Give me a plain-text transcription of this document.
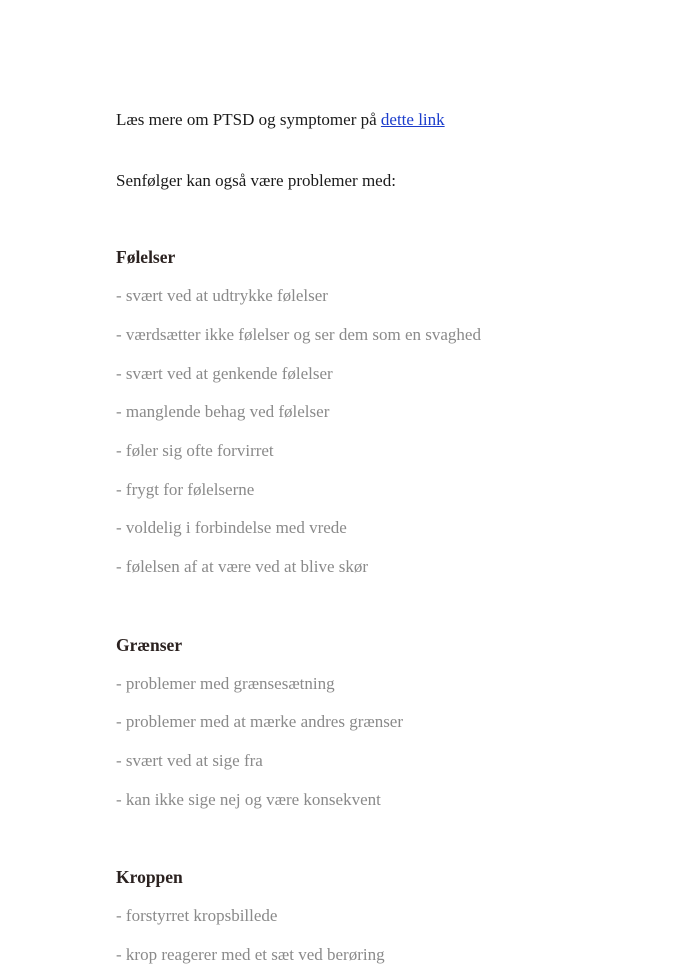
Læs mere om PTSD og symptomer på dette link
Senfølger kan også være problemer med:
Følelser
- svært ved at udtrykke følelser
- værdsætter ikke følelser og ser dem som en svaghed
- svært ved at genkende følelser
- manglende behag ved følelser
- føler sig ofte forvirret
- frygt for følelserne
- voldelig i forbindelse med vrede
- følelsen af at være ved at blive skør
Grænser
- problemer med grænsesætning
- problemer med at mærke andres grænser
- svært ved at sige fra
- kan ikke sige nej og være konsekvent
Kroppen
- forstyrret kropsbillede
- krop reagerer med et sæt ved berøring
